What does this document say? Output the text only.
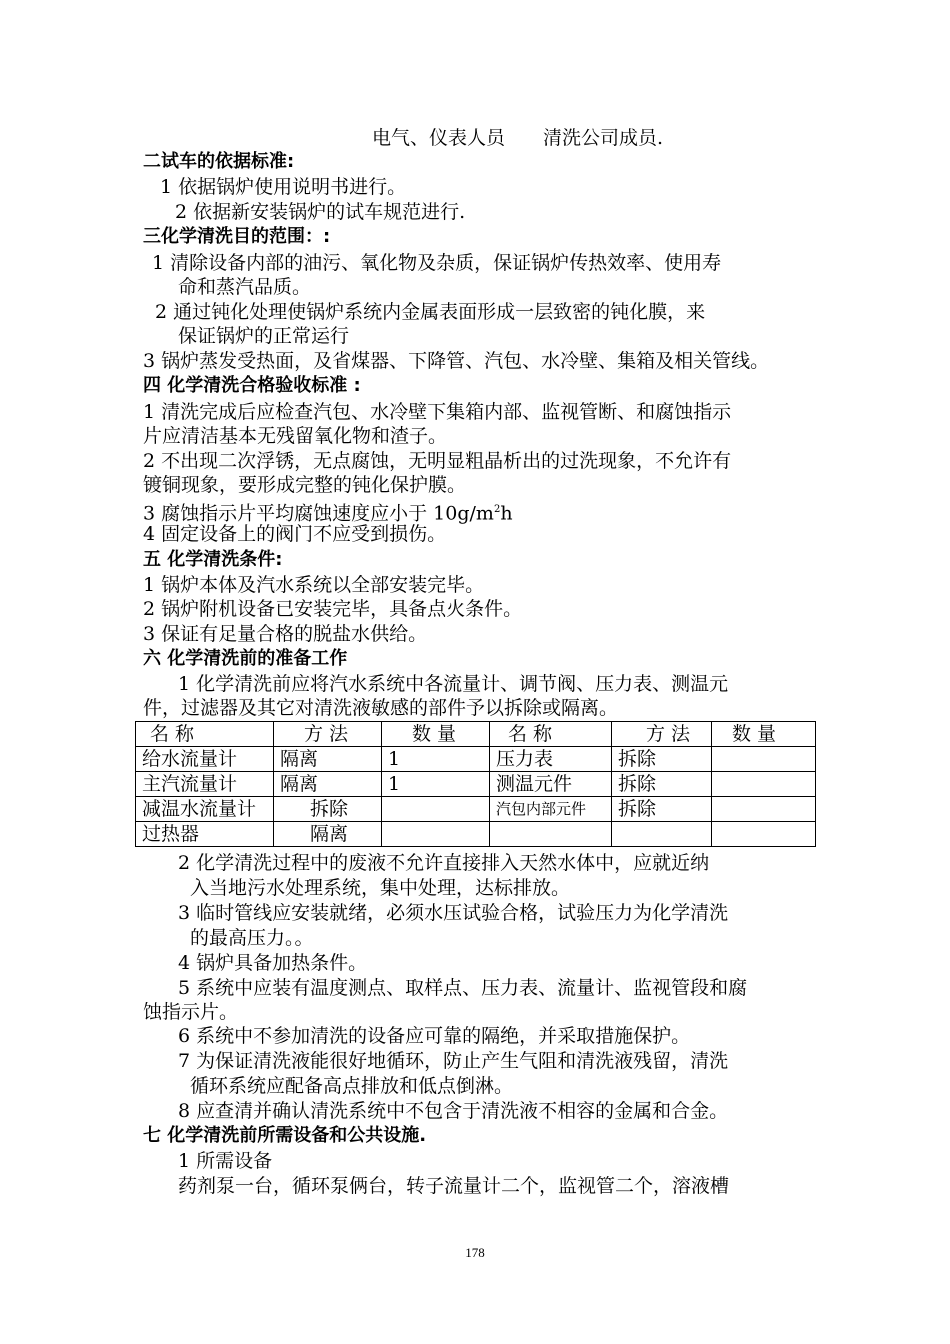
电气、仪表人员　　清洗公司成员.
二试车的依据标准:
1 依据锅炉使用说明书进行。
2 依据新安装锅炉的试车规范进行.
三化学清洗目的范围：:
1 清除设备内部的油污、氧化物及杂质，保证锅炉传热效率、使用寿
命和蒸汽品质。
2 通过钝化处理使锅炉系统内金属表面形成一层致密的钝化膜，来
保证锅炉的正常运行
3 锅炉蒸发受热面，及省煤器、下降管、汽包、水冷壁、集箱及相关管线。
四 化学清洗合格验收标准 :
1 清洗完成后应检查汽包、水冷壁下集箱内部、监视管断、和腐蚀指示
片应清洁基本无残留氧化物和渣子。
2 不出现二次浮锈，无点腐蚀，无明显粗晶析出的过洗现象，不允许有
镀铜现象，要形成完整的钝化保护膜。
3 腐蚀指示片平均腐蚀速度应小于 $10g/m^2h$
4 固定设备上的阀门不应受到损伤。
五 化学清洗条件:
1 锅炉本体及汽水系统以全部安装完毕。
2 锅炉附机设备已安装完毕，具备点火条件。
3 保证有足量合格的脱盐水供给。
六 化学清洗前的准备工作
1 化学清洗前应将汽水系统中各流量计、调节阀、压力表、测温元
件，过滤器及其它对清洗液敏感的部件予以拆除或隔离。
名 称	方 法	数 量	名 称	方 法	数 量
给水流量计	隔离	1	压力表	拆除	
主汽流量计	隔离	1	测温元件	拆除	
减温水流量计	拆除		汽包内部元件	拆除	
过热器	隔离				
2 化学清洗过程中的废液不允许直接排入天然水体中，应就近纳
入当地污水处理系统，集中处理，达标排放。
3 临时管线应安装就绪，必须水压试验合格，试验压力为化学清洗
的最高压力。。
4 锅炉具备加热条件。
5 系统中应装有温度测点、取样点、压力表、流量计、监视管段和腐
蚀指示片。
6 系统中不参加清洗的设备应可靠的隔绝，并采取措施保护。
7 为保证清洗液能很好地循环，防止产生气阻和清洗液残留，清洗
循环系统应配备高点排放和低点倒淋。
8 应查清并确认清洗系统中不包含于清洗液不相容的金属和合金。
七 化学清洗前所需设备和公共设施.
1 所需设备
药剂泵一台，循环泵俩台，转子流量计二个，监视管二个，溶液槽
178
